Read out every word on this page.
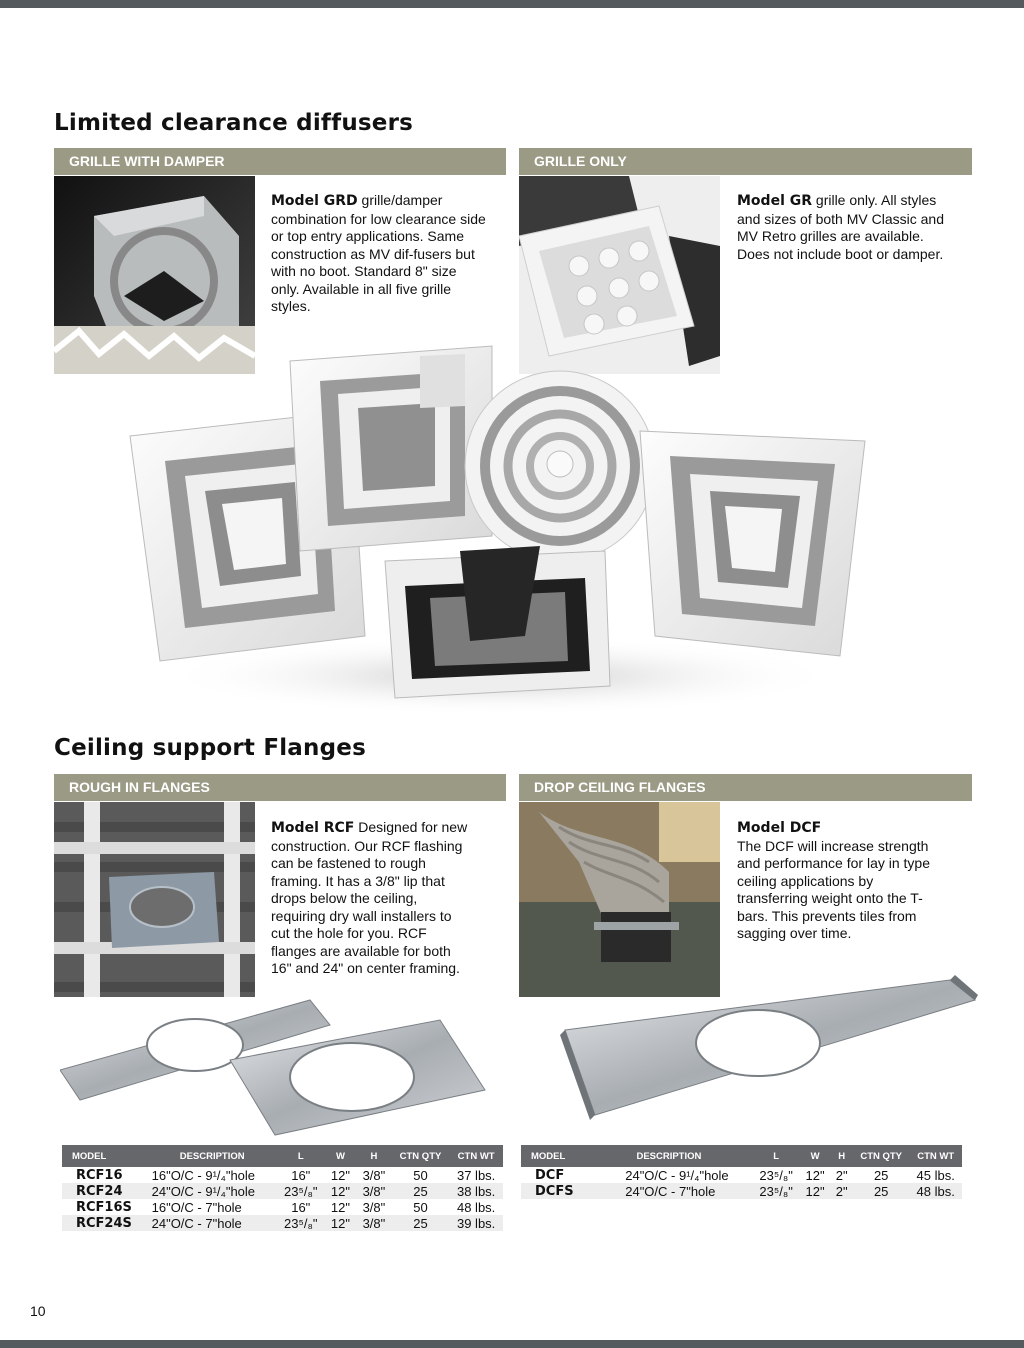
Limited clearance diffusers
GRILLE WITH DAMPER	GRILLE ONLY
Model GRD grille/damper combination for low clearance side or top entry applications. Same construction as MV dif-fusers but with no boot. Standard 8" size only. Available in all five grille styles.
Model GR grille only. All styles and sizes of both MV Classic and MV Retro grilles are available. Does not include boot or damper.
Ceiling support Flanges
ROUGH IN FLANGES	DROP CEILING FLANGES
Model RCF Designed for new construction. Our RCF flashing can be fastened to rough framing. It has a 3/8" lip that drops below the ceiling, requiring dry wall installers to cut the hole for you. RCF flanges are available for both 16" and 24" on center framing.
Model DCF
The DCF will increase strength and performance for lay in type ceiling applications by transferring weight onto the T-bars. This prevents tiles from sagging over time.
MODEL	DESCRIPTION	L	W	H	CTN QTY	CTN WT
RCF16	16"O/C - 9¹/₄"hole	16"	12"	3/8"	50	37 lbs.
RCF24	24"O/C - 9¹/₄"hole	23⁵/₈"	12"	3/8"	25	38 lbs.
RCF16S	16"O/C - 7"hole	16"	12"	3/8"	50	48 lbs.
RCF24S	24"O/C - 7"hole	23⁵/₈"	12"	3/8"	25	39 lbs.
MODEL	DESCRIPTION	L	W	H	CTN QTY	CTN WT
DCF	24"O/C - 9¹/₄"hole	23⁵/₈"	12"	2"	25	45 lbs.
DCFS	24"O/C - 7"hole	23⁵/₈"	12"	2"	25	48 lbs.
10
